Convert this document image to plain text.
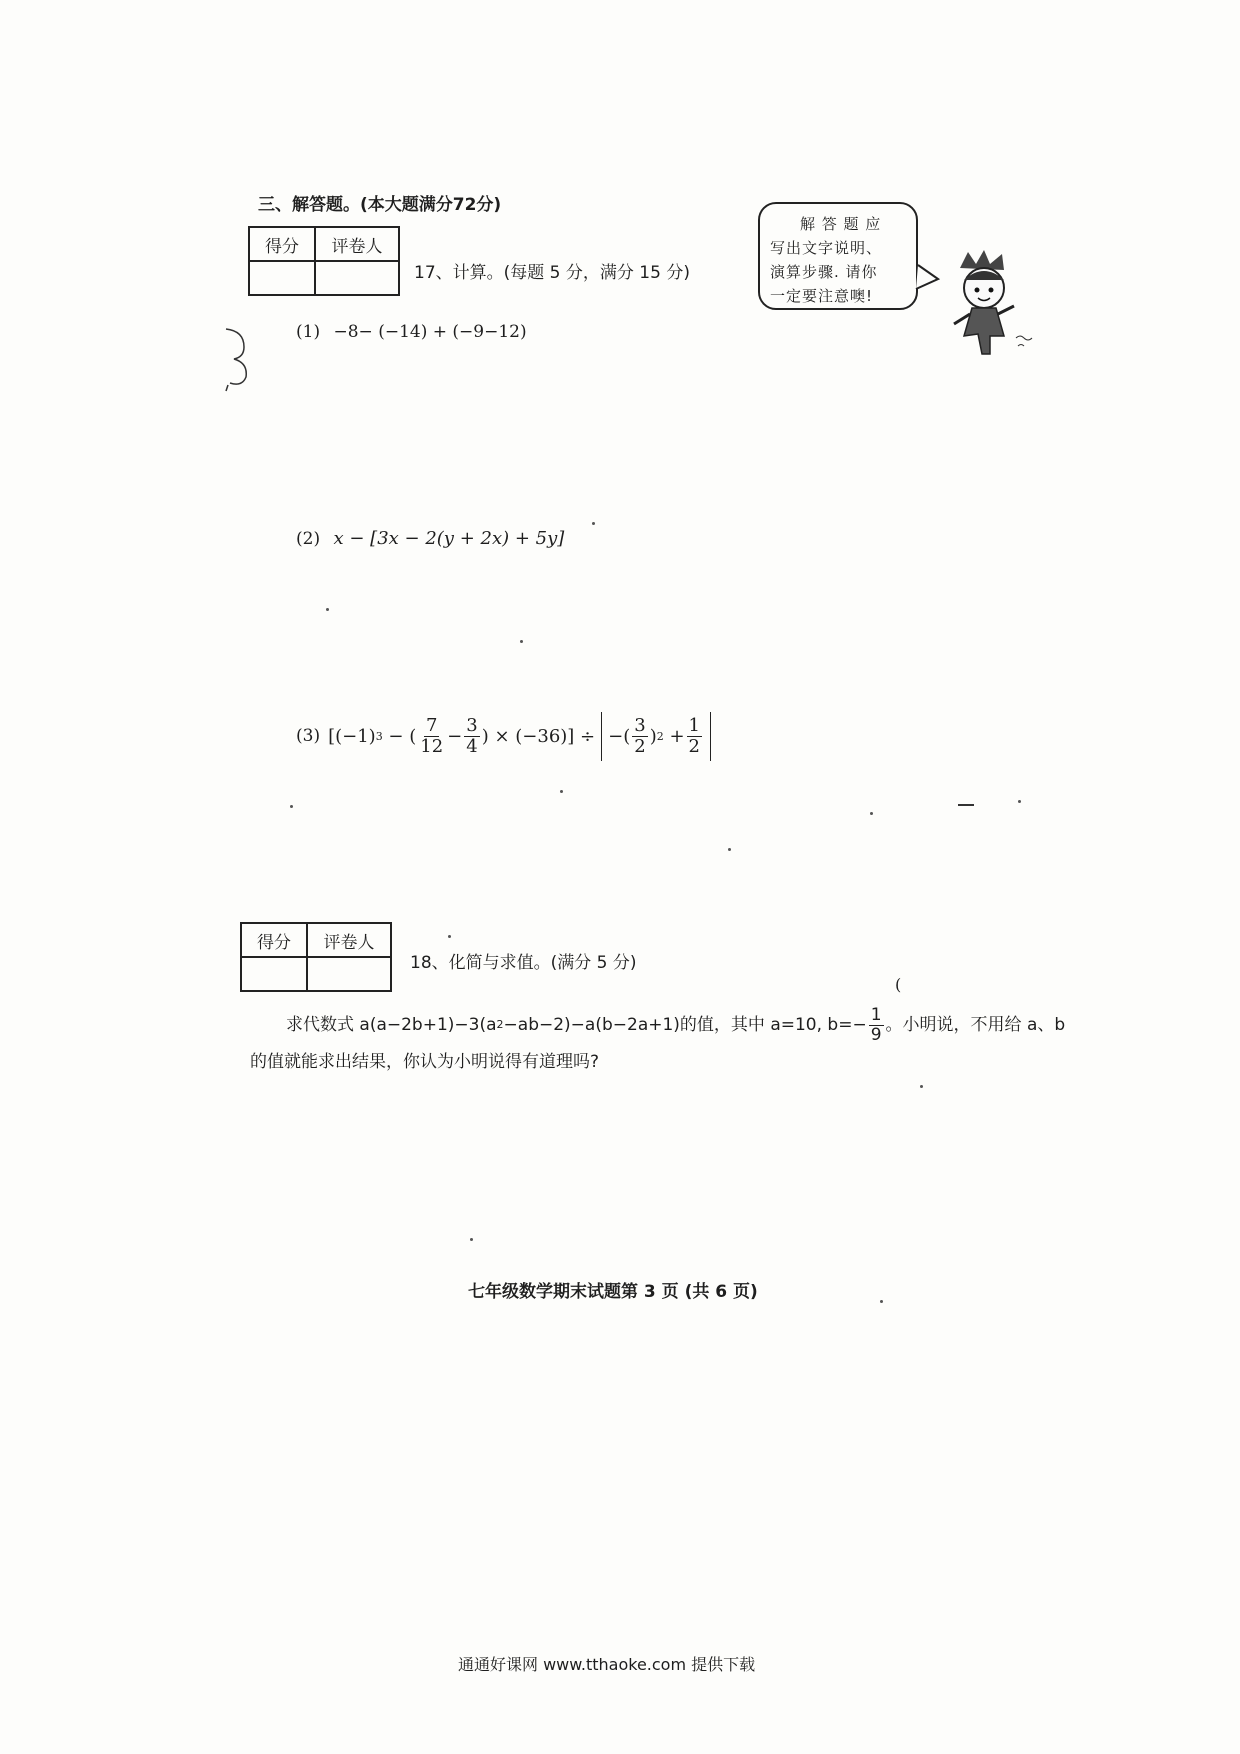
三、解答题。(本大题满分72分)
得分	评卷人

17、计算。(每题 5 分，满分 15 分)
解 答 题 应
写出文字说明、
演算步骤. 请你
一定要注意噢!
(1) −8− (−14) + (−9−12)
(2) x − [3x − 2(y + 2x) + 5y]
(3) [(−1) 3 − ( $\frac{7}{12} - \frac{3}{4}$ ) × (−36)] ÷ −( $\frac{3}{2}$ ) $2 + \frac{1}{2}$
得分	评卷人

18、化简与求值。(满分 5 分)
求代数式 a(a−2b+1)−3(a 2 −ab−2)−a(b−2a+1)的值，其中 a=10, $b=- \frac{1}{9}$ 。小明说，不用给 a、b
的值就能求出结果，你认为小明说得有道理吗?
七年级数学期末试题第 3 页 (共 6 页)
通通好课网 www.tthaoke.com 提供下载
(
